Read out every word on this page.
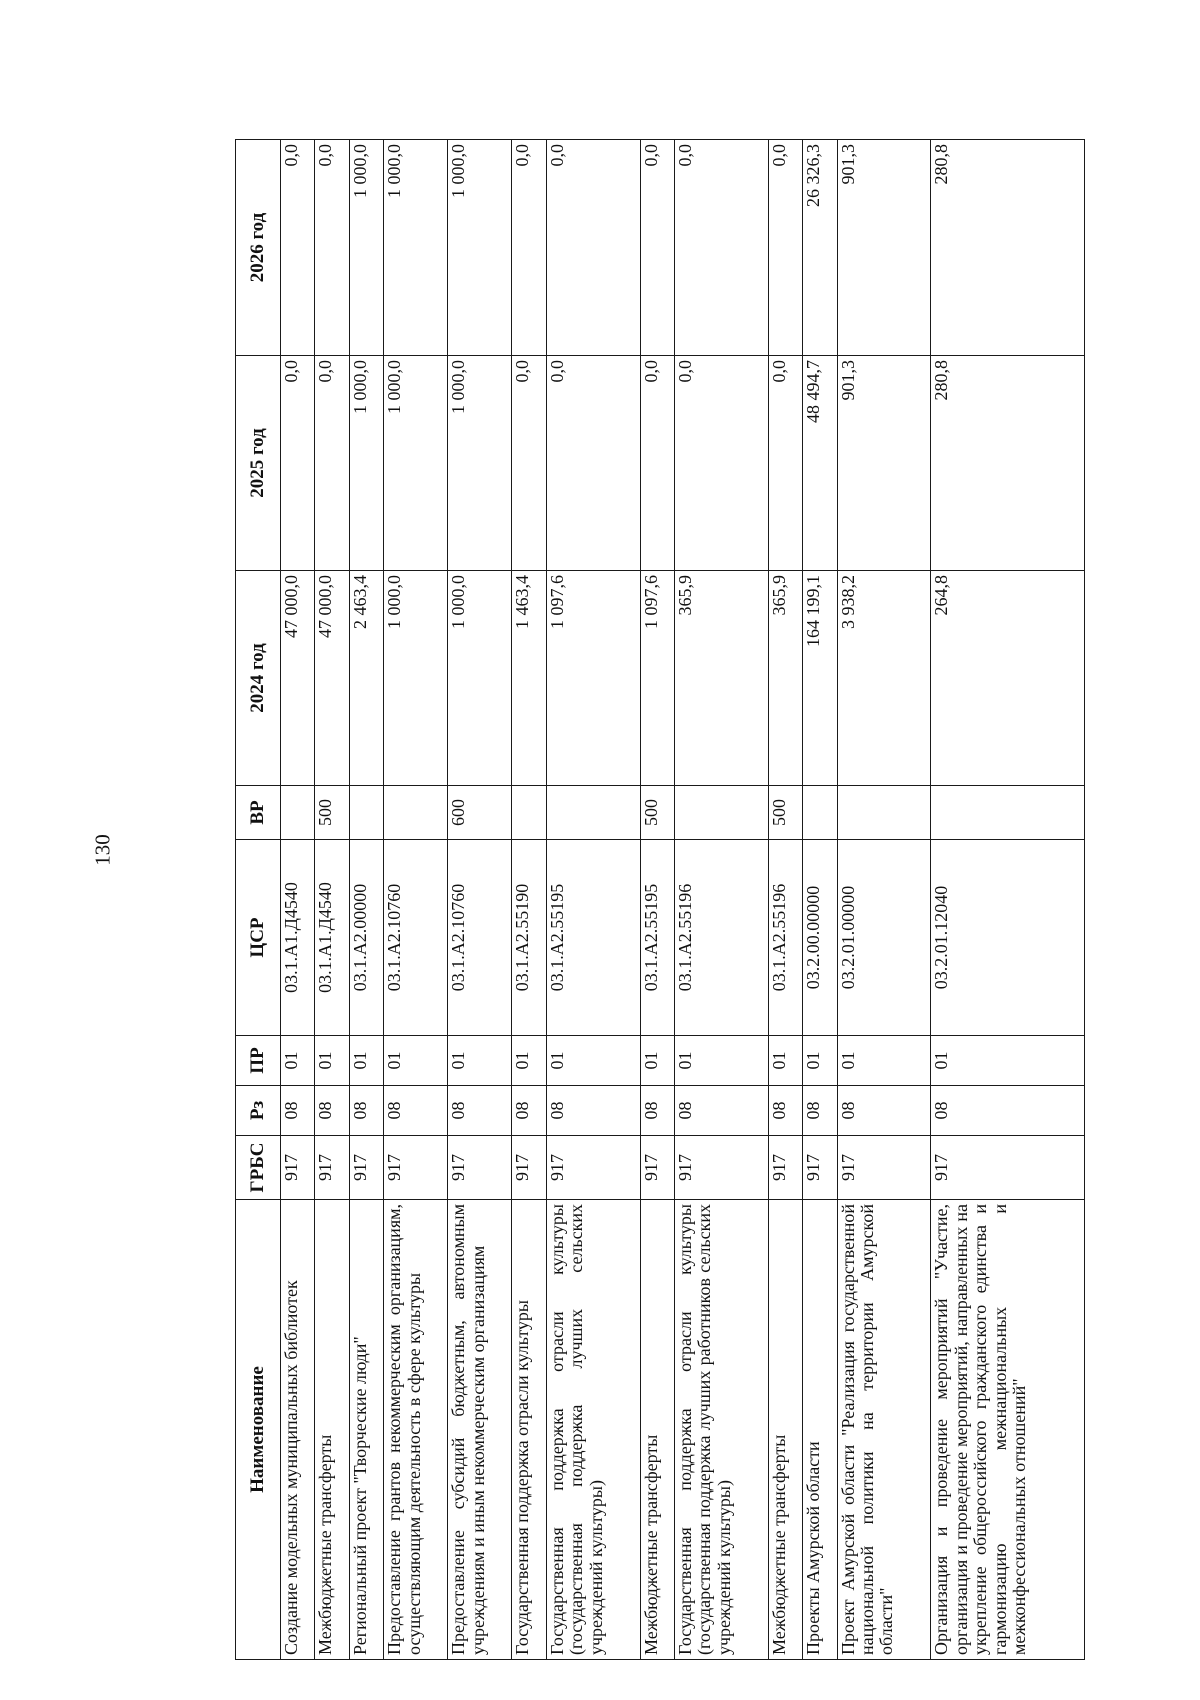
130
Наименование	ГРБС	Рз	ПР	ЦСР	ВР	2024 год	2025 год	2026 год
Создание модельных муниципальных библиотек	917	08	01	03.1.А1.Д4540		47 000,0	0,0	0,0
Межбюджетные трансферты	917	08	01	03.1.А1.Д4540	500	47 000,0	0,0	0,0
Региональный проект "Творческие люди"	917	08	01	03.1.А2.00000		2 463,4	1 000,0	1 000,0
Предоставление грантов некоммерческим организациям, осуществляющим деятельность в сфере культуры	917	08	01	03.1.А2.10760		1 000,0	1 000,0	1 000,0
Предоставление субсидий бюджетным, автономным учреждениям и иным некоммерческим организациям	917	08	01	03.1.А2.10760	600	1 000,0	1 000,0	1 000,0
Государственная поддержка отрасли культуры	917	08	01	03.1.А2.55190		1 463,4	0,0	0,0
Государственная поддержка отрасли культуры (государственная поддержка лучших сельских учреждений культуры)	917	08	01	03.1.А2.55195		1 097,6	0,0	0,0
Межбюджетные трансферты	917	08	01	03.1.А2.55195	500	1 097,6	0,0	0,0
Государственная поддержка отрасли культуры (государственная поддержка лучших работников сельских учреждений культуры)	917	08	01	03.1.А2.55196		365,9	0,0	0,0
Межбюджетные трансферты	917	08	01	03.1.А2.55196	500	365,9	0,0	0,0
Проекты Амурской области	917	08	01	03.2.00.00000		164 199,1	48 494,7	26 326,3
Проект Амурской области "Реализация государственной национальной политики на территории Амурской области"	917	08	01	03.2.01.00000		3 938,2	901,3	901,3
Организация и проведение мероприятий "Участие, организация и проведение мероприятий, направленных на укрепление общероссийского гражданского единства и гармонизацию межнациональных и межконфессиональных отношений"	917	08	01	03.2.01.12040		264,8	280,8	280,8
